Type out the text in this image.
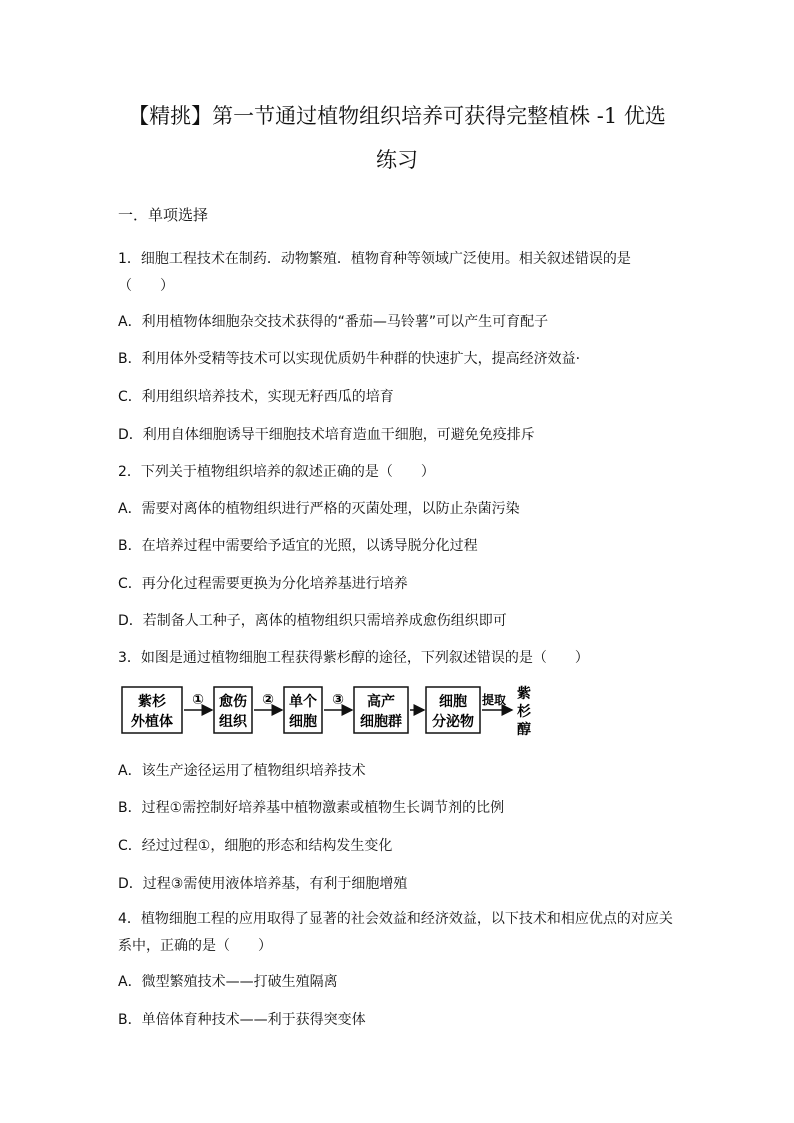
【精挑】第一节通过植物组织培养可获得完整植株 -1 优选
练习
一．单项选择
1．细胞工程技术在制药．动物繁殖．植物育种等领域广泛使用。相关叙述错误的是（　　）
A．利用植物体细胞杂交技术获得的“番茄—马铃薯”可以产生可育配子
B．利用体外受精等技术可以实现优质奶牛种群的快速扩大，提高经济效益·
C．利用组织培养技术，实现无籽西瓜的培育
D．利用自体细胞诱导干细胞技术培育造血干细胞，可避免免疫排斥
2．下列关于植物组织培养的叙述正确的是（　　）
A．需要对离体的植物组织进行严格的灭菌处理，以防止杂菌污染
B．在培养过程中需要给予适宜的光照，以诱导脱分化过程
C．再分化过程需要更换为分化培养基进行培养
D．若制备人工种子，离体的植物组织只需培养成愈伤组织即可
3．如图是通过植物细胞工程获得紫杉醇的途径，下列叙述错误的是（　　）
紫杉
外植体
① 愈伤
组织
② 单个
细胞
③ 高产
细胞群
细胞
分泌物
提取 紫
杉
醇
A．该生产途径运用了植物组织培养技术
B．过程①需控制好培养基中植物激素或植物生长调节剂的比例
C．经过过程①，细胞的形态和结构发生变化
D．过程③需使用液体培养基，有利于细胞增殖
4．植物细胞工程的应用取得了显著的社会效益和经济效益，以下技术和相应优点的对应关系中，正确的是（　　）
A．微型繁殖技术——打破生殖隔离
B．单倍体育种技术——利于获得突变体
